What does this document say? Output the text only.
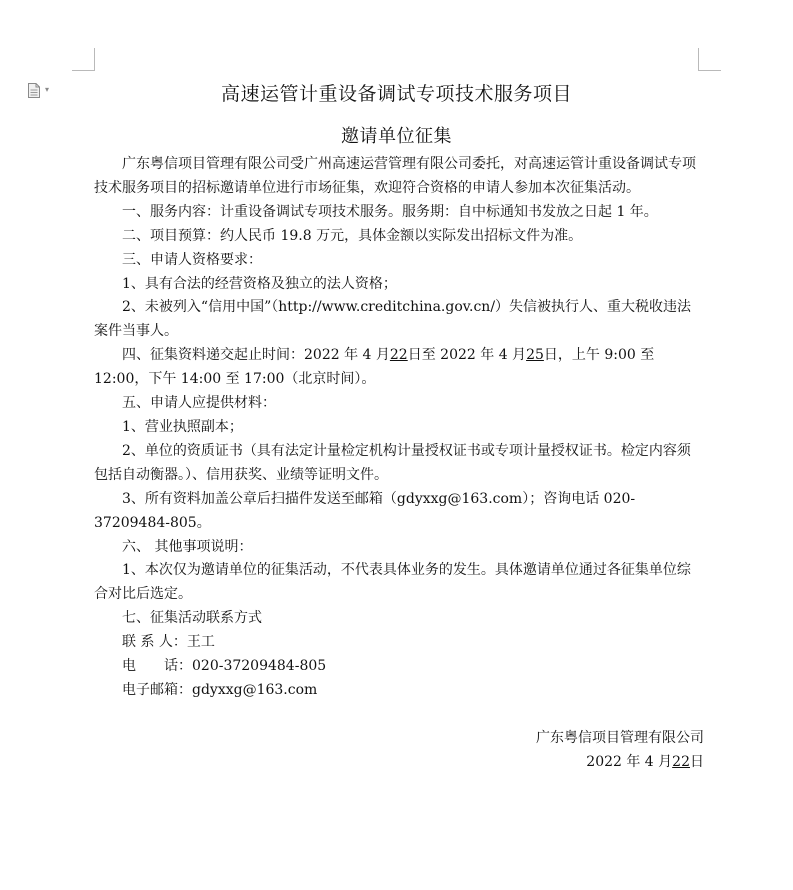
▾	高速运管计重设备调试专项技术服务项目
邀请单位征集

广东粤信项目管理有限公司受广州高速运营管理有限公司委托，对高速运管计重设备调试专项技术服务项目的招标邀请单位进行市场征集，欢迎符合资格的申请人参加本次征集活动。

一、服务内容：计重设备调试专项技术服务。服务期：自中标通知书发放之日起 1 年。

二、项目预算：约人民币 19.8 万元，具体金额以实际发出招标文件为准。

三、申请人资格要求：

1、具有合法的经营资格及独立的法人资格；

2、未被列入“信用中国”（http://www.creditchina.gov.cn/）失信被执行人、重大税收违法案件当事人。

四、征集资料递交起止时间：2022 年 4 月22日至 2022 年 4 月25日，上午 9:00 至 12:00，下午 14:00 至 17:00（北京时间）。

五、申请人应提供材料：

1、营业执照副本；

2、单位的资质证书（具有法定计量检定机构计量授权证书或专项计量授权证书。检定内容须包括自动衡器。）、信用获奖、业绩等证明文件。

3、所有资料加盖公章后扫描件发送至邮箱（gdyxxg@163.com）；咨询电话 020-37209484-805。

六、 其他事项说明：

1、本次仅为邀请单位的征集活动，不代表具体业务的发生。具体邀请单位通过各征集单位综合对比后选定。

七、征集活动联系方式

联 系 人：王工

电　　话：020-37209484-805

电子邮箱：gdyxxg@163.com

广东粤信项目管理有限公司

2022 年 4 月22日
